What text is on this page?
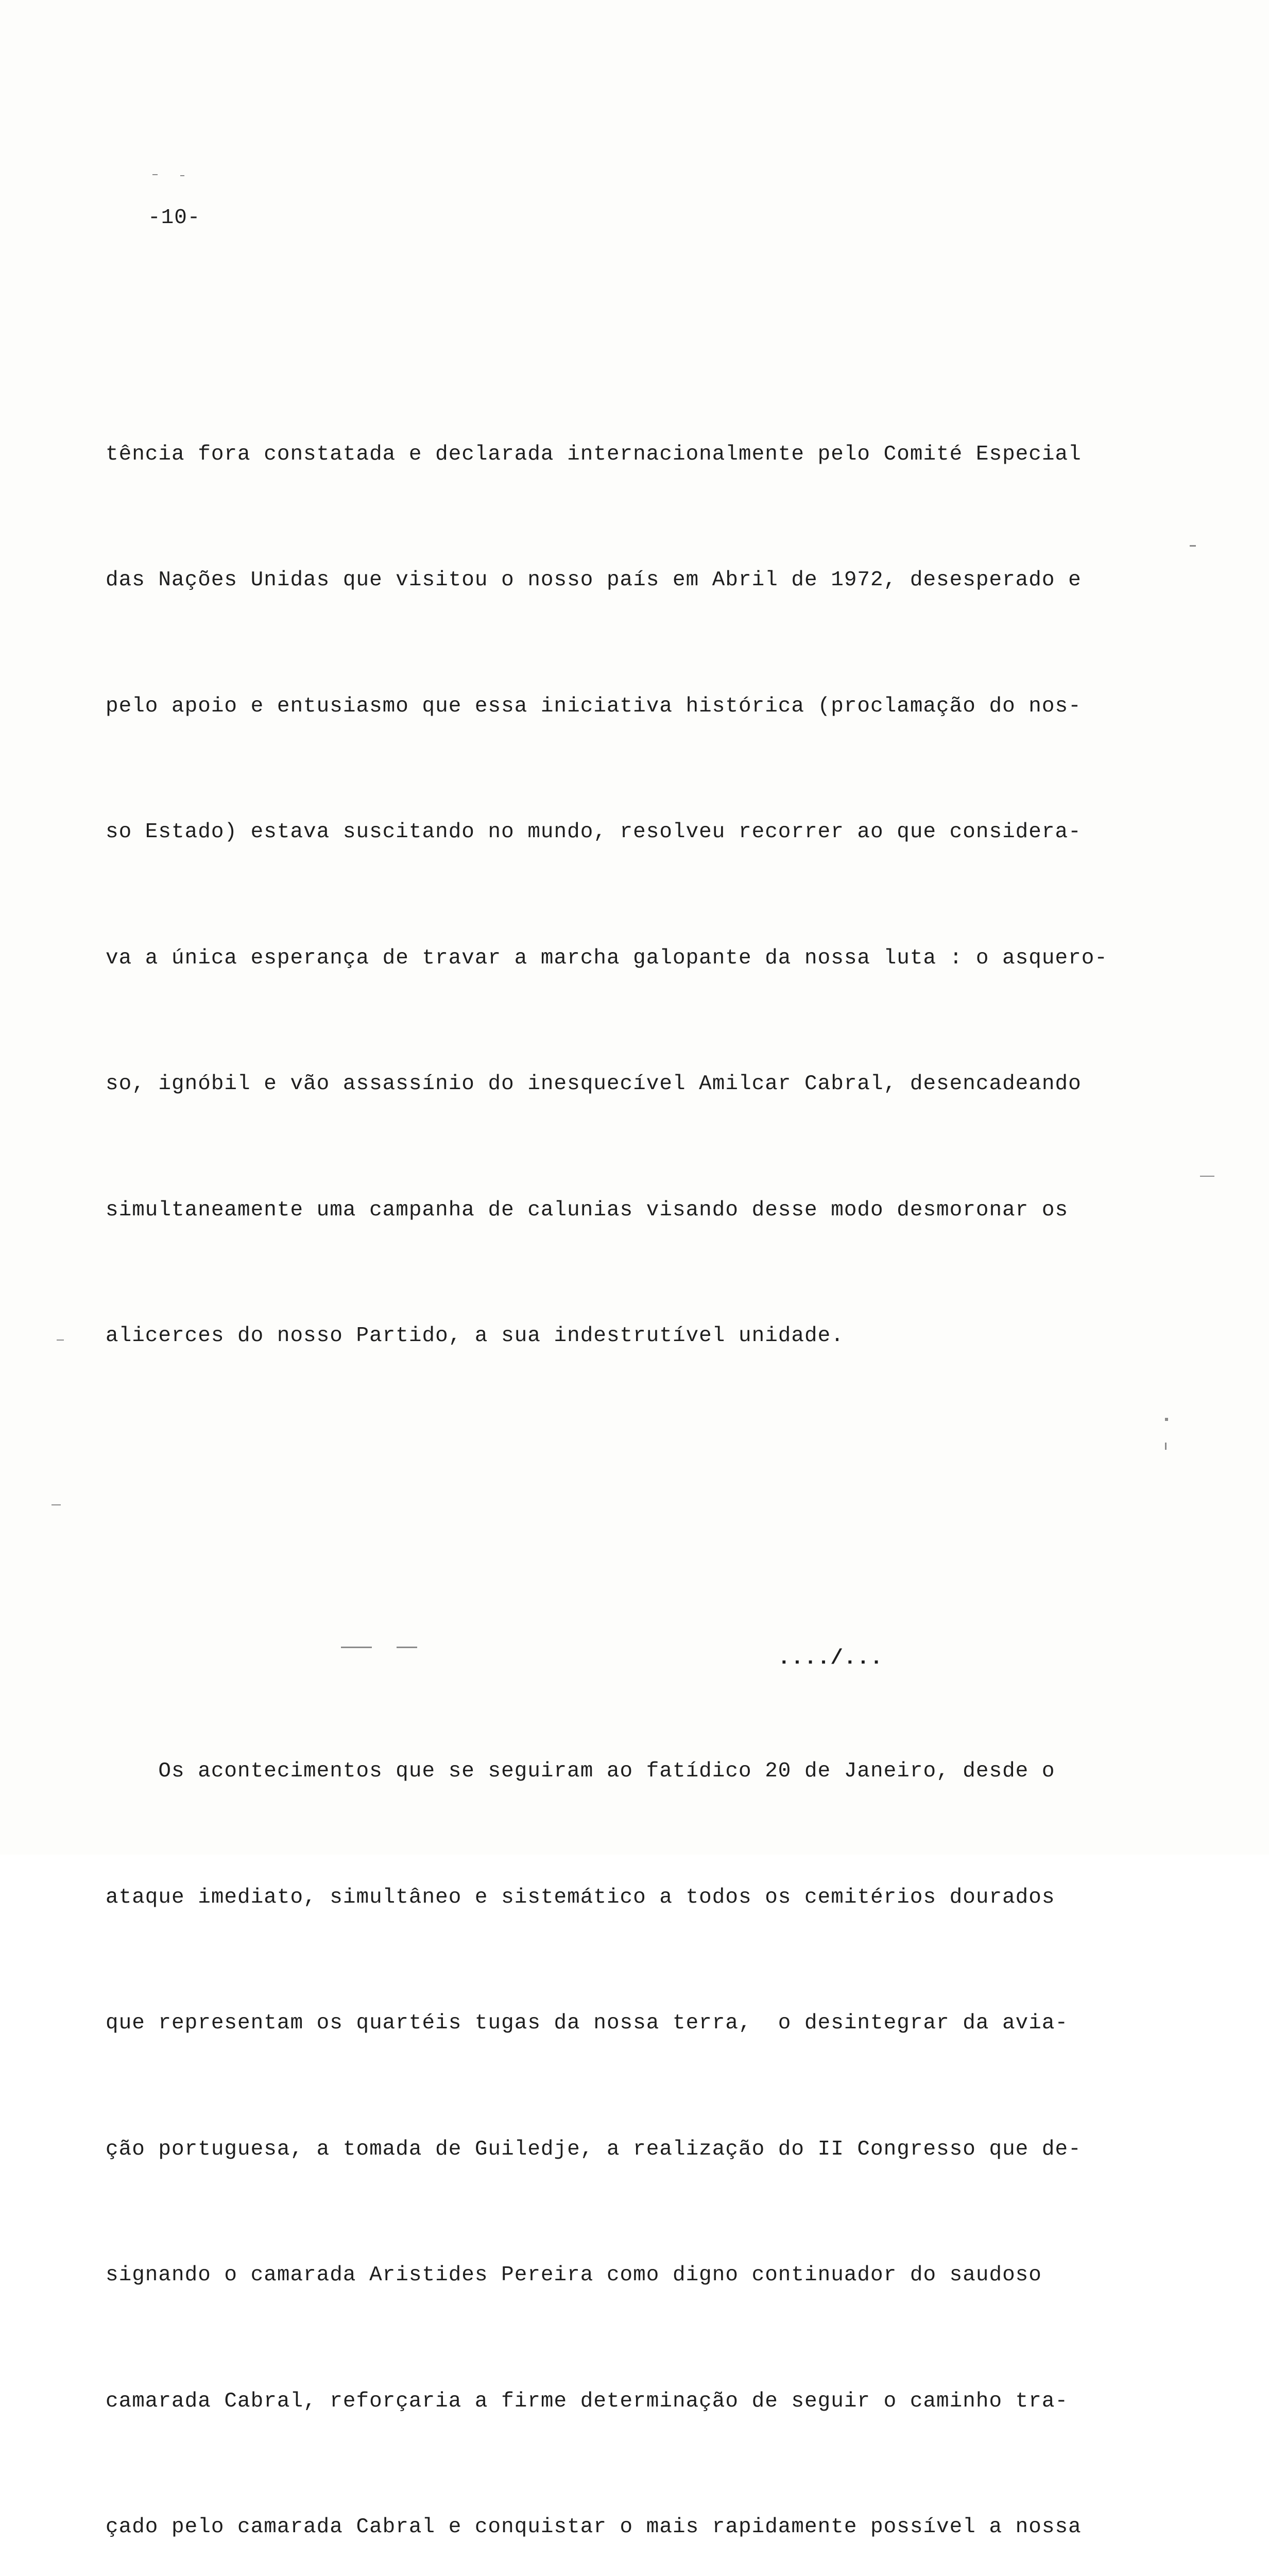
-10-

tência fora constatada e declarada internacionalmente pelo Comité Especial

das Nações Unidas que visitou o nosso país em Abril de 1972, desesperado e

pelo apoio e entusiasmo que essa iniciativa histórica (proclamação do nos-

so Estado) estava suscitando no mundo, resolveu recorrer ao que considera-

va a única esperança de travar a marcha galopante da nossa luta : o asquero-

so, ignóbil e vão assassínio do inesquecível Amilcar Cabral, desencadeando

simultaneamente uma campanha de calunias visando desse modo desmoronar os

alicerces do nosso Partido, a sua indestrutível unidade.

Os acontecimentos que se seguiram ao fatídico 20 de Janeiro, desde o

ataque imediato, simultâneo e sistemático a todos os cemitérios dourados

que representam os quartéis tugas da nossa terra,  o desintegrar da avia-

ção portuguesa, a tomada de Guiledje, a realização do II Congresso que de-

signando o camarada Aristides Pereira como digno continuador do saudoso

camarada Cabral, reforçaria a firme determinação de seguir o caminho tra-

çado pelo camarada Cabral e conquistar o mais rapidamente possível a nossa

..../...
